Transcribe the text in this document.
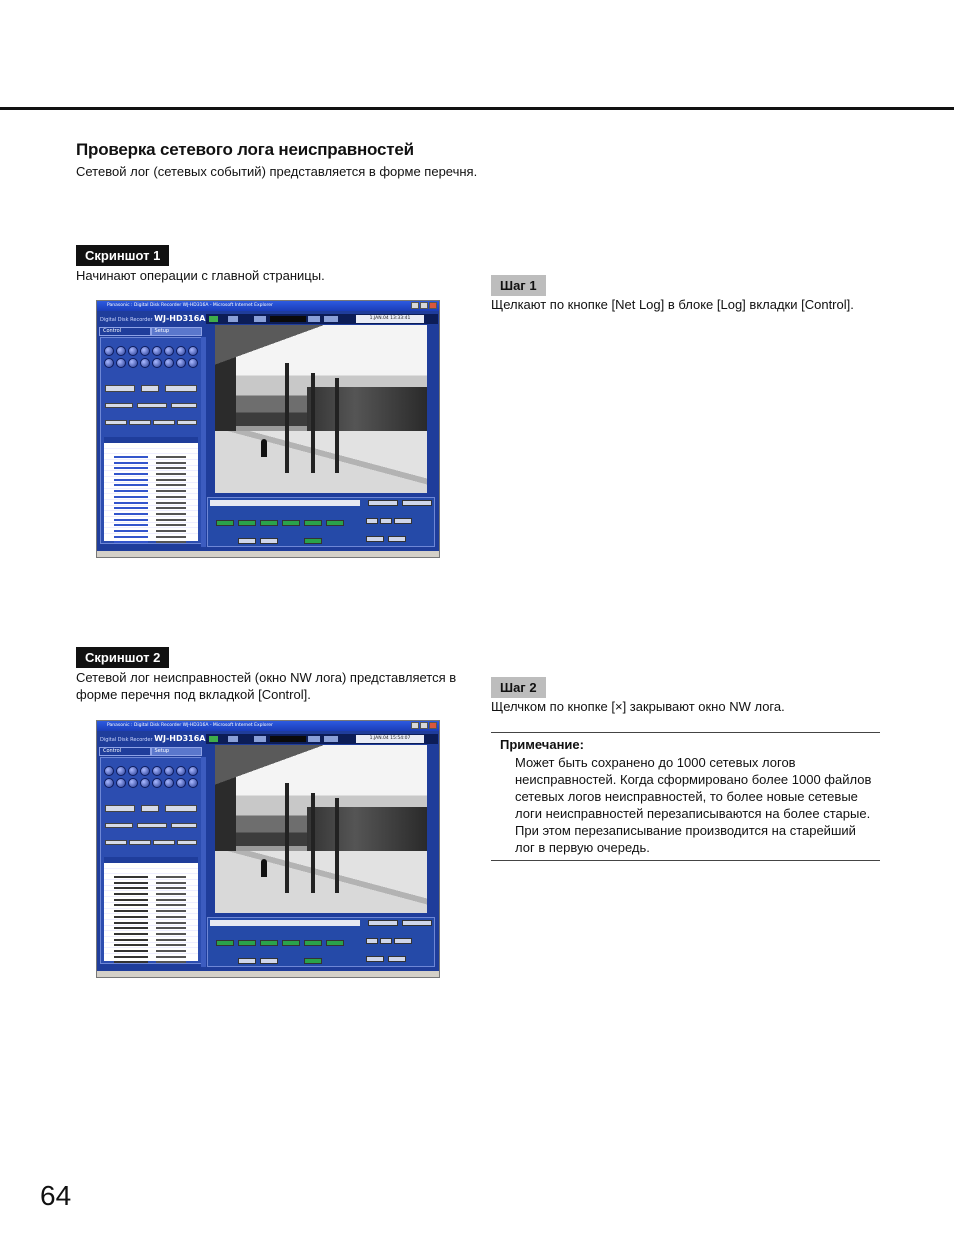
Проверка сетевого лога неисправностей

Сетевой лог (сетевых событий) представляется в форме перечня.

Скриншот 1

Начинают операции с главной страницы.

Panasonic : Digital Disk Recorder WJ-HD316A - Microsoft Internet Explorer
Digital Disk Recorder WJ-HD316A
Control	Setup
1.JAN.04 13:33:41
Шаг 1

Щелкают по кнопке [Net Log] в блоке [Log] вкладки [Control].

Скриншот 2

Сетевой лог неисправностей (окно NW лога) представляется в форме перечня под вкладкой [Control].

Panasonic : Digital Disk Recorder WJ-HD316A - Microsoft Internet Explorer
Digital Disk Recorder WJ-HD316A
Control	Setup
1.JAN.04 15:54:07
Шаг 2

Щелчком по кнопке [×] закрывают окно NW лога.

Примечание:
Может быть сохранено до 1000 сетевых логов неисправностей. Когда сформировано более 1000 файлов сетевых логов неисправностей, то более новые сетевые логи неисправностей перезаписываются на более старые. При этом перезаписывание производится на старейший лог в первую очередь.
64
